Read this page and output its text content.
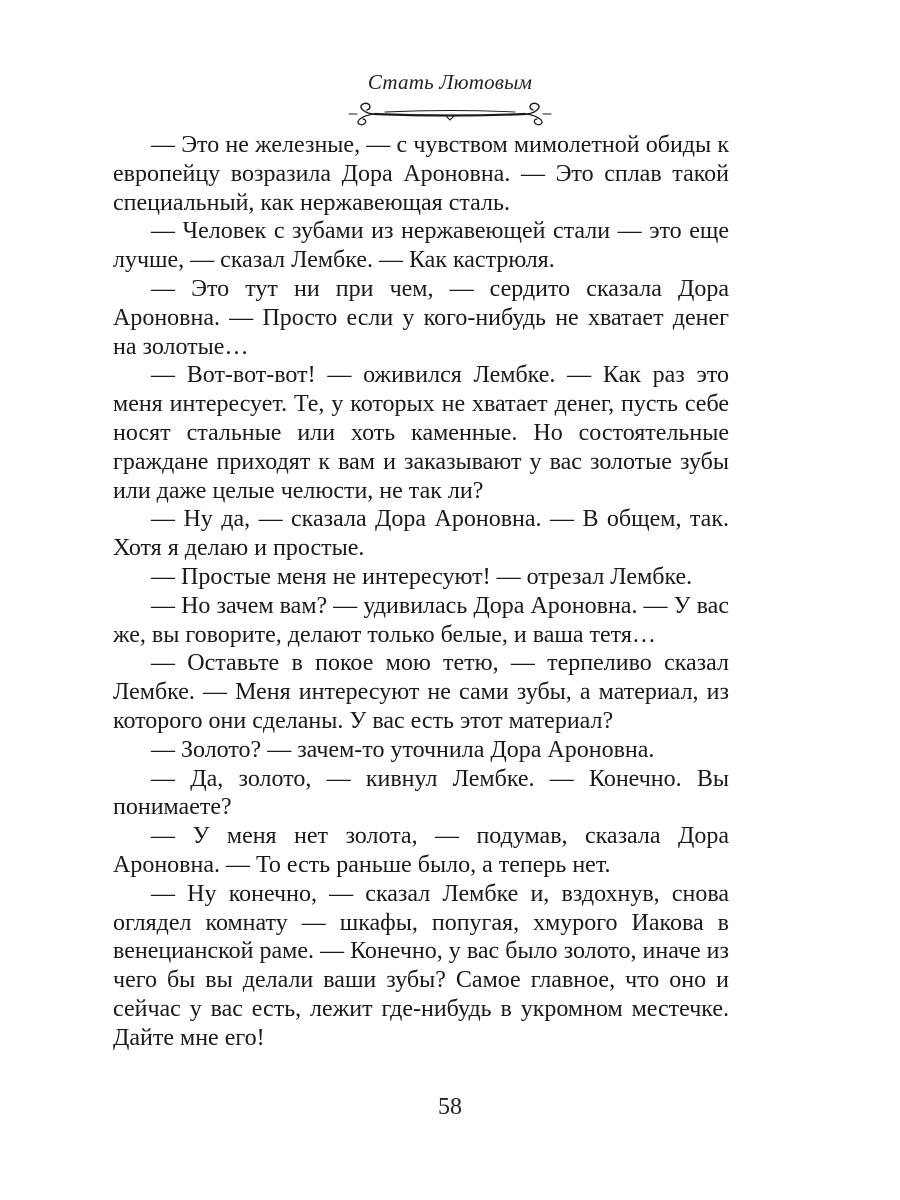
Стать Лютовым

— Это не железные, — с чувством мимолетной обиды к европейцу возразила Дора Ароновна. — Это сплав такой специальный, как нержавеющая сталь.

— Человек с зубами из нержавеющей стали — это еще лучше, — сказал Лембке. — Как кастрюля.

— Это тут ни при чем, — сердито сказала Дора Ароновна. — Просто если у кого-нибудь не хватает денег на золотые…

— Вот-вот-вот! — оживился Лембке. — Как раз это меня интересует. Те, у которых не хватает денег, пусть себе носят стальные или хоть каменные. Но состоятельные граждане приходят к вам и заказывают у вас золотые зубы или даже целые челюсти, не так ли?

— Ну да, — сказала Дора Ароновна. — В общем, так. Хотя я делаю и простые.

— Простые меня не интересуют! — отрезал Лембке.

— Но зачем вам? — удивилась Дора Ароновна. — У вас же, вы говорите, делают только белые, и ваша тетя…

— Оставьте в покое мою тетю, — терпеливо сказал Лембке. — Меня интересуют не сами зубы, а материал, из которого они сделаны. У вас есть этот материал?

— Золото? — зачем-то уточнила Дора Ароновна.

— Да, золото, — кивнул Лембке. — Конечно. Вы понимаете?

— У меня нет золота, — подумав, сказала Дора Ароновна. — То есть раньше было, а теперь нет.

— Ну конечно, — сказал Лембке и, вздохнув, снова оглядел комнату — шкафы, попугая, хмурого Иакова в венецианской раме. — Конечно, у вас было золото, иначе из чего бы вы делали ваши зубы? Самое главное, что оно и сейчас у вас есть, лежит где-нибудь в укромном местечке. Дайте мне его!

58
